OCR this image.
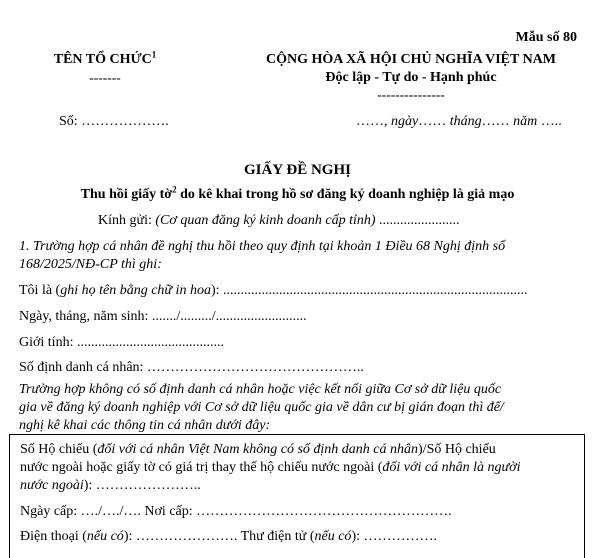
Mẫu số 80
TÊN TỔ CHỨC$^1$
-------
CỘNG HÒA XÃ HỘI CHỦ NGHĨA VIỆT NAM
Độc lập - Tự do - Hạnh phúc
---------------
Số: ……………….	……, ngày…… tháng…… năm …..
GIẤY ĐỀ NGHỊ
Thu hồi giấy tờ$^2$ do kê khai trong hồ sơ đăng ký doanh nghiệp là giả mạo
Kính gửi: (Cơ quan đăng ký kinh doanh cấp tỉnh) .......................
1. Trường hợp cá nhân đề nghị thu hồi theo quy định tại khoản 1 Điều 68 Nghị định số
168/2025/NĐ-CP thì ghi:
Tôi là (ghi họ tên bằng chữ in hoa): .......................................................................................
Ngày, tháng, năm sinh: ......./........./..........................
Giới tính: ..........................................
Số định danh cá nhân: ………………………………………..
Trường hợp không có số định danh cá nhân hoặc việc kết nối giữa Cơ sở dữ liệu quốc
gia về đăng ký doanh nghiệp với Cơ sở dữ liệu quốc gia về dân cư bị gián đoạn thì để/
nghị kê khai các thông tin cá nhân dưới đây:
Số Hộ chiếu (đối với cá nhân Việt Nam không có số định danh cá nhân)/Số Hộ chiếu
nước ngoài hoặc giấy tờ có giá trị thay thế hộ chiếu nước ngoài (đối với cá nhân là người
nước ngoài): …………………..
Ngày cấp: …./…./…. Nơi cấp: ……………………………………………….
Điện thoại (nếu có): …………………. Thư điện tử (nếu có): …………….
